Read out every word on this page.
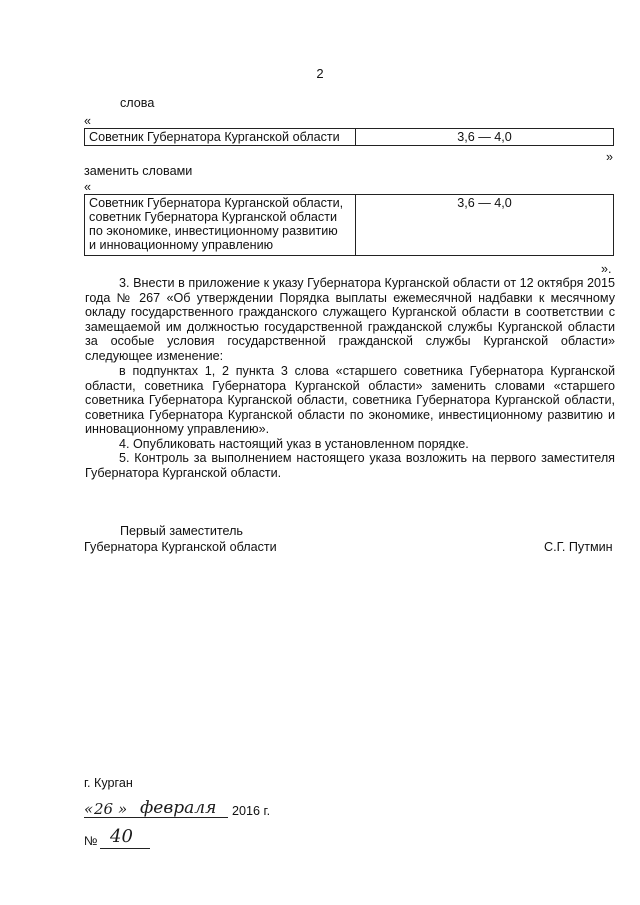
2
слова
«
Советник Губернатора Курганской области	3,6 — 4,0
»
заменить словами
«
Советник Губернатора Курганской области,
советник Губернатора Курганской области
по экономике, инвестиционному развитию
и инновационному управлению
	3,6 — 4,0
».
3. Внести в приложение к указу Губернатора Курганской области от 12 октября 2015 года № 267 «Об утверждении Порядка выплаты ежемесячной надбавки к месячному окладу государственного гражданского служащего Курганской области в соответствии с замещаемой им должностью государственной гражданской службы Курганской области за особые условия государственной гражданской службы Курганской области» следующее изменение:
в подпунктах 1, 2 пункта 3 слова «старшего советника Губернатора Курганской области, советника Губернатора Курганской области» заменить словами «старшего советника Губернатора Курганской области, советника Губернатора Курганской области, советника Губернатора Курганской области по экономике, инвестиционному развитию и инновационному управлению».
4. Опубликовать настоящий указ в установленном порядке.
5. Контроль за выполнением настоящего указа возложить на первого заместителя Губернатора Курганской области.
Первый заместитель
Губернатора Курганской области	С.Г. Путмин
г. Курган
« 26 » февраля 2016 г.
№ 40
